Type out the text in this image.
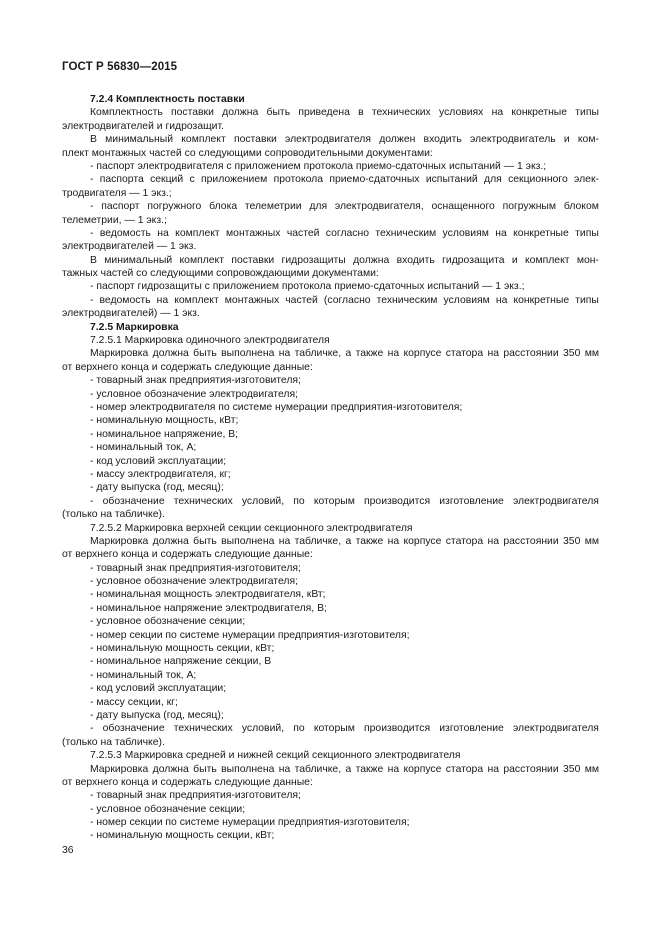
ГОСТ Р 56830—2015
7.2.4 Комплектность поставки
Комплектность поставки должна быть приведена в технических условиях на конкретные типы
электродвигателей и гидрозащит.
В минимальный комплект поставки электродвигателя должен входить электродвигатель и ком-
плект монтажных частей со следующими сопроводительными документами:
- паспорт электродвигателя с приложением протокола приемо-сдаточных испытаний — 1 экз.;
- паспорта секций с приложением протокола приемо-сдаточных испытаний для секционного элек-
тродвигателя — 1 экз.;
- паспорт погружного блока телеметрии для электродвигателя, оснащенного погружным блоком
телеметрии, — 1 экз.;
- ведомость на комплект монтажных частей согласно техническим условиям на конкретные типы
электродвигателей — 1 экз.
В минимальный комплект поставки гидрозащиты должна входить гидрозащита и комплект мон-
тажных частей со следующими сопровождающими документами:
- паспорт гидрозащиты с приложением протокола приемо-сдаточных испытаний — 1 экз.;
- ведомость на комплект монтажных частей (согласно техническим условиям на конкретные типы
электродвигателей) — 1 экз.
7.2.5 Маркировка
7.2.5.1 Маркировка одиночного электродвигателя
Маркировка должна быть выполнена на табличке, а также на корпусе статора на расстоянии 350 мм
от верхнего конца и содержать следующие данные:
- товарный знак предприятия-изготовителя;
- условное обозначение электродвигателя;
- номер электродвигателя по системе нумерации предприятия-изготовителя;
- номинальную мощность, кВт;
- номинальное напряжение, В;
- номинальный ток, А;
- код условий эксплуатации;
- массу электродвигателя, кг;
- дату выпуска (год, месяц);
- обозначение технических условий, по которым производится изготовление электродвигателя
(только на табличке).
7.2.5.2 Маркировка верхней секции секционного электродвигателя
Маркировка должна быть выполнена на табличке, а также на корпусе статора на расстоянии 350 мм
от верхнего конца и содержать следующие данные:
- товарный знак предприятия-изготовителя;
- условное обозначение электродвигателя;
- номинальная мощность электродвигателя, кВт;
- номинальное напряжение электродвигателя, В;
- условное обозначение секции;
- номер секции по системе нумерации предприятия-изготовителя;
- номинальную мощность секции, кВт;
- номинальное напряжение секции, В
- номинальный ток, А;
- код условий эксплуатации;
- массу секции, кг;
- дату выпуска (год, месяц);
- обозначение технических условий, по которым производится изготовление электродвигателя
(только на табличке).
7.2.5.3 Маркировка средней и нижней секций секционного электродвигателя
Маркировка должна быть выполнена на табличке, а также на корпусе статора на расстоянии 350 мм
от верхнего конца и содержать следующие данные:
- товарный знак предприятия-изготовителя;
- условное обозначение секции;
- номер секции по системе нумерации предприятия-изготовителя;
- номинальную мощность секции, кВт;
36
